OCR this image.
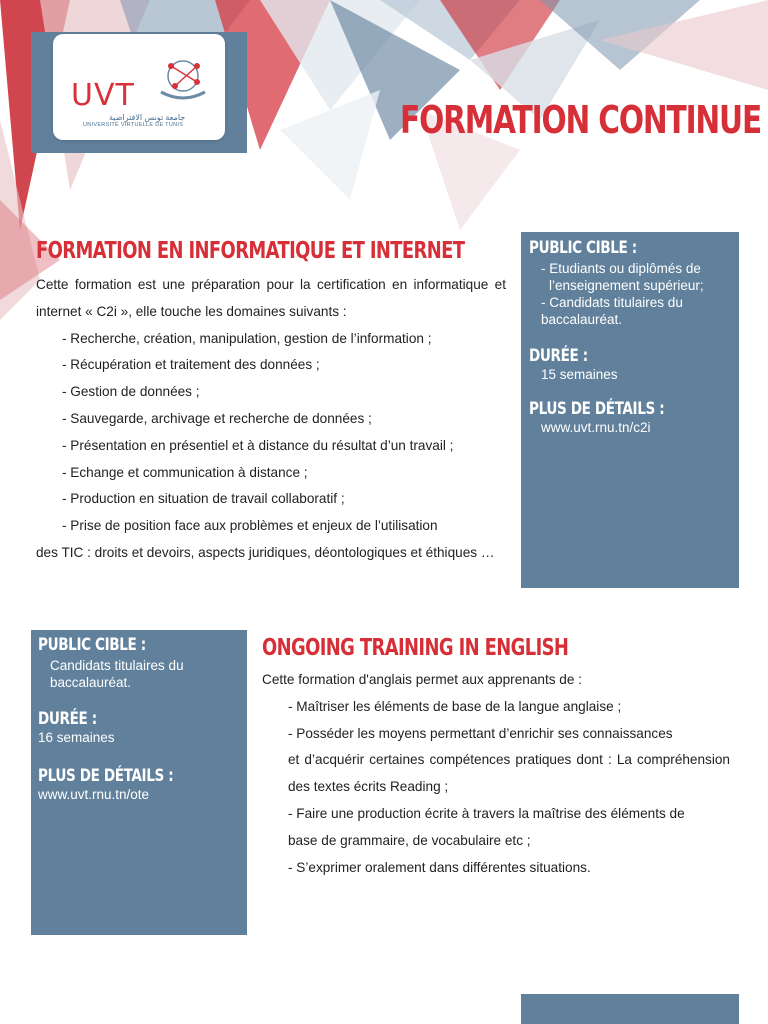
UVT
جامعة تونس الافتراضية
UNIVERSITÉ VIRTUELLE DE TUNIS	FORMATION CONTINUE
FORMATION EN INFORMATIQUE ET INTERNET

Cette formation est une préparation pour la certification en informatique et internet « C2i », elle touche les domaines suivants :

- Recherche, création, manipulation, gestion de l’information ;
- Récupération et traitement des données ;
- Gestion de données ;
- Sauvegarde, archivage et recherche de données ;
- Présentation en présentiel et à distance du résultat d’un travail ;
- Echange et communication à distance ;
- Production en situation de travail collaboratif ;
- Prise de position face aux problèmes et enjeux de l’utilisation

des TIC : droits et devoirs, aspects juridiques, déontologiques et éthiques …

PUBLIC CIBLE :
- Etudiants ou diplômés de
l’enseignement supérieur;
- Candidats titulaires du
baccalauréat.
DURÉE :
15 semaines
PLUS DE DÉTAILS :
www.uvt.rnu.tn/c2i
PUBLIC CIBLE :
Candidats titulaires du
baccalauréat.
DURÉE :
16 semaines
PLUS DE DÉTAILS :
www.uvt.rnu.tn/ote
ONGOING TRAINING IN ENGLISH
Cette formation d'anglais permet aux apprenants de :
- Maîtriser les éléments de base de la langue anglaise ;
- Posséder les moyens permettant d’enrichir ses connaissances

et d’acquérir certaines compétences pratiques dont : La compréhension des textes écrits Reading ;

- Faire une production écrite à travers la maîtrise des éléments de
base de grammaire, de vocabulaire etc ;
- S’exprimer oralement dans différentes situations.
